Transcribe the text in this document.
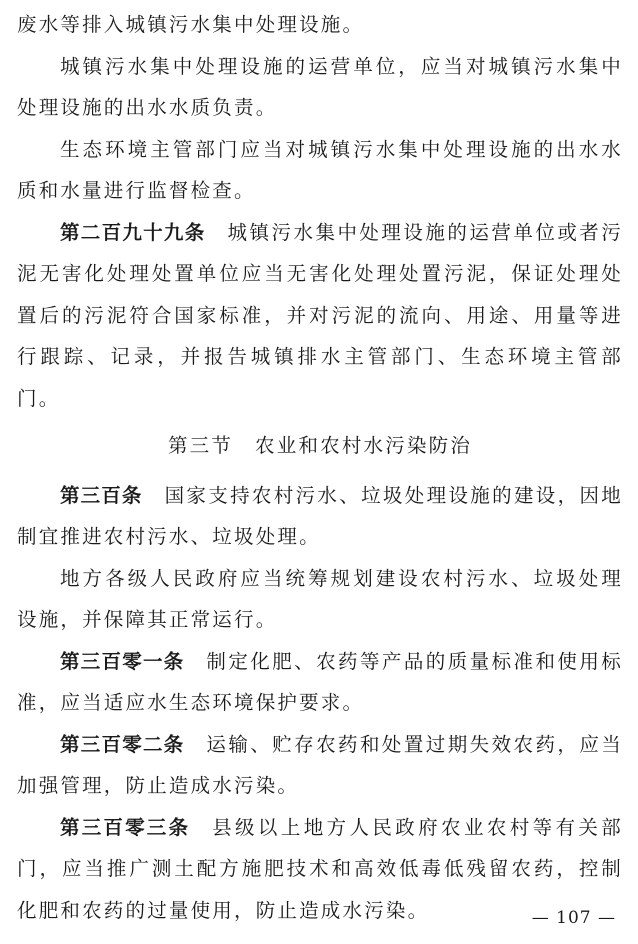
废水等排入城镇污水集中处理设施。

城镇污水集中处理设施的运营单位，应当对城镇污水集中处理设施的出水水质负责。

生态环境主管部门应当对城镇污水集中处理设施的出水水质和水量进行监督检查。

第二百九十九条 城镇污水集中处理设施的运营单位或者污泥无害化处理处置单位应当无害化处理处置污泥，保证处理处置后的污泥符合国家标准，并对污泥的流向、用途、用量等进行跟踪、记录，并报告城镇排水主管部门、生态环境主管部门。

第三节 农业和农村水污染防治

第三百条 国家支持农村污水、垃圾处理设施的建设，因地制宜推进农村污水、垃圾处理。

地方各级人民政府应当统筹规划建设农村污水、垃圾处理设施，并保障其正常运行。

第三百零一条 制定化肥、农药等产品的质量标准和使用标准，应当适应水生态环境保护要求。

第三百零二条 运输、贮存农药和处置过期失效农药，应当加强管理，防止造成水污染。

第三百零三条 县级以上地方人民政府农业农村等有关部门，应当推广测土配方施肥技术和高效低毒低残留农药，控制化肥和农药的过量使用，防止造成水污染。	— 107 —
